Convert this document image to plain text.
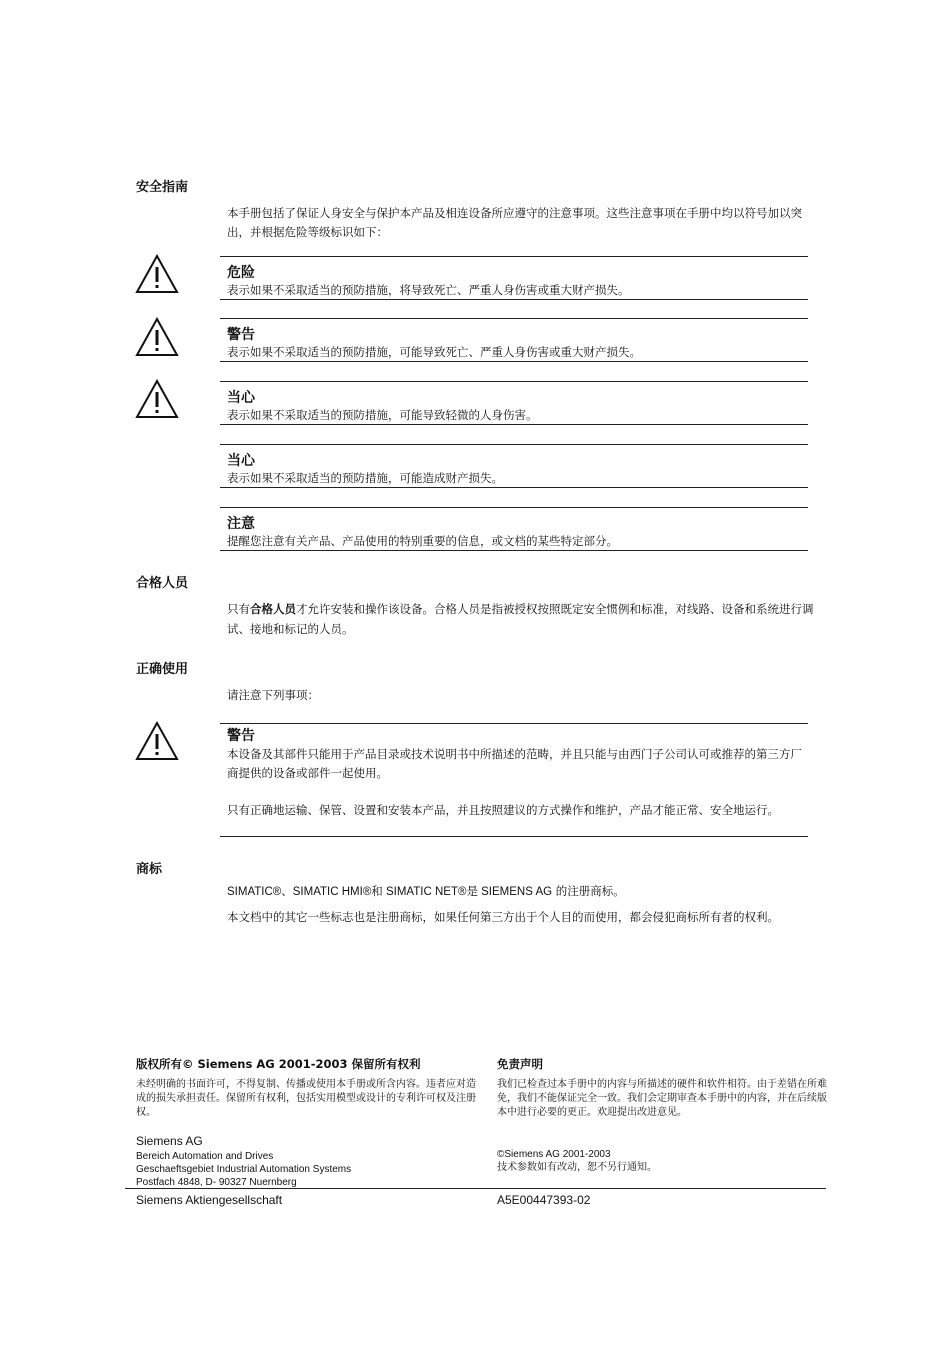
安全指南
本手册包括了保证人身安全与保护本产品及相连设备所应遵守的注意事项。这些注意事项在手册中均以符号加以突出，并根据危险等级标识如下：
危险
表示如果不采取适当的预防措施，将导致死亡、严重人身伤害或重大财产损失。
警告
表示如果不采取适当的预防措施，可能导致死亡、严重人身伤害或重大财产损失。
当心
表示如果不采取适当的预防措施，可能导致轻微的人身伤害。
当心
表示如果不采取适当的预防措施，可能造成财产损失。
注意
提醒您注意有关产品、产品使用的特别重要的信息，或文档的某些特定部分。
合格人员
只有合格人员才允许安装和操作该设备。合格人员是指被授权按照既定安全惯例和标准，对线路、设备和系统进行调试、接地和标记的人员。
正确使用
请注意下列事项：
警告
本设备及其部件只能用于产品目录或技术说明书中所描述的范畴，并且只能与由西门子公司认可或推荐的第三方厂商提供的设备或部件一起使用。
只有正确地运输、保管、设置和安装本产品，并且按照建议的方式操作和维护，产品才能正常、安全地运行。
商标
SIMATIC®、SIMATIC HMI®和 SIMATIC NET®是 SIEMENS AG 的注册商标。
本文档中的其它一些标志也是注册商标，如果任何第三方出于个人目的而使用，都会侵犯商标所有者的权利。
版权所有© Siemens AG 2001-2003 保留所有权利
未经明确的书面许可，不得复制、传播或使用本手册或所含内容。违者应对造成的损失承担责任。保留所有权利，包括实用模型或设计的专利许可权及注册权。
免责声明
我们已检查过本手册中的内容与所描述的硬件和软件相符。由于差错在所难免，我们不能保证完全一致。我们会定期审查本手册中的内容，并在后续版本中进行必要的更正。欢迎提出改进意见。
Siemens AG
Bereich Automation and Drives
Geschaeftsgebiet Industrial Automation Systems
Postfach 4848, D- 90327 Nuernberg
©Siemens AG 2001-2003
技术参数如有改动，恕不另行通知。
Siemens Aktiengesellschaft	A5E00447393-02
